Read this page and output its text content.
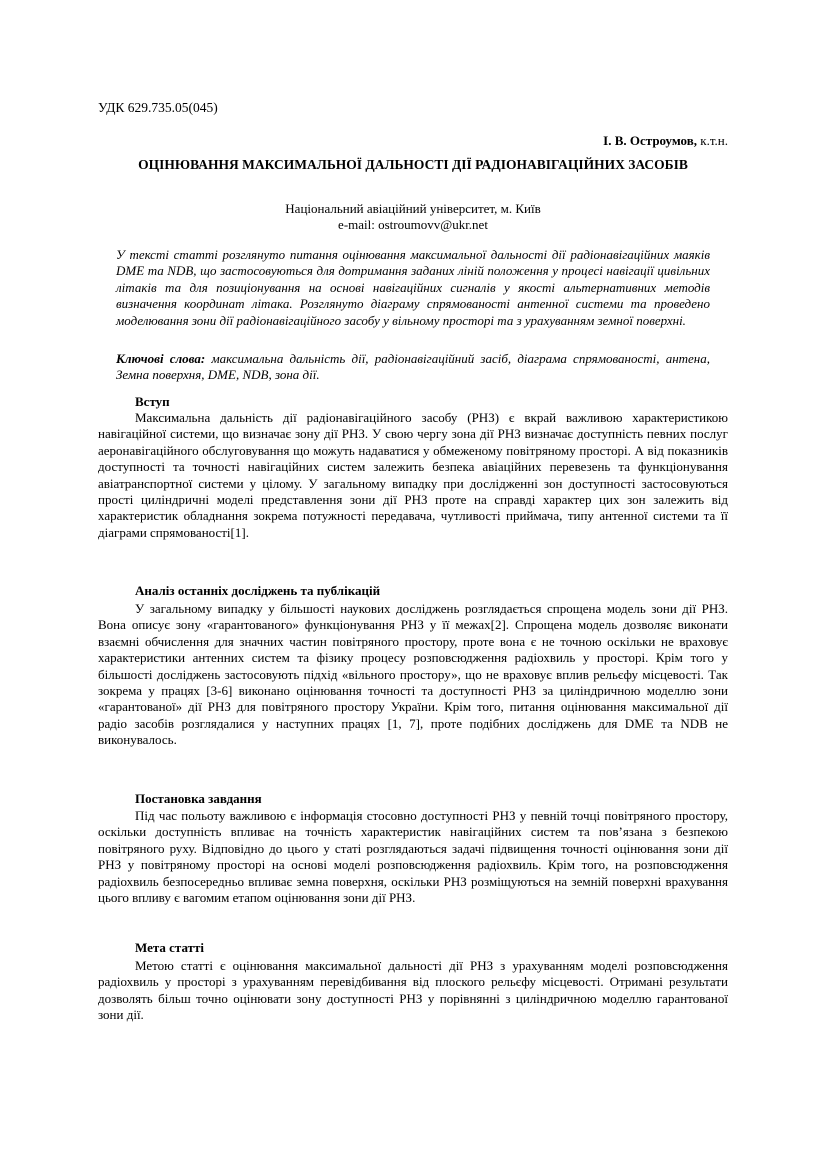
УДК 629.735.05(045)
І. В. Остроумов, к.т.н.
ОЦІНЮВАННЯ МАКСИМАЛЬНОЇ ДАЛЬНОСТІ ДІЇ РАДІОНАВІГАЦІЙНИХ ЗАСОБІВ
Національний авіаційний університет, м. Київ
e-mail: ostroumovv@ukr.net
У тексті статті розглянуто питання оцінювання максимальної дальності дії радіонавігаційних маяків DME та NDB, що застосовуються для дотримання заданих ліній положення у процесі навігації цивільних літаків та для позиціонування на основі навігаційних сигналів у якості альтернативних методів визначення координат літака. Розглянуто діаграму спрямованості антенної системи та проведено моделювання зони дії радіонавігаційного засобу у вільному просторі та з урахуванням земної поверхні.
Ключові слова: максимальна дальність дії, радіонавігаційний засіб, діаграма спрямованості, антена, Земна поверхня, DME, NDB, зона дії.
Вступ
Максимальна дальність дії радіонавігаційного засобу (РНЗ) є вкрай важливою характеристикою навігаційної системи, що визначає зону дії РНЗ. У свою чергу зона дії РНЗ визначає доступність певних послуг аеронавігаційного обслуговування що можуть надаватися у обмеженому повітряному просторі. А від показників доступності та точності навігаційних систем залежить безпека авіаційних перевезень та функціонування авіатранспортної системи у цілому. У загальному випадку при дослідженні зон доступності застосовуються прості циліндричні моделі представлення зони дії РНЗ проте на справді характер цих зон залежить від характеристик обладнання зокрема потужності передавача, чутливості приймача, типу антенної системи та її діаграми спрямованості[1].
Аналіз останніх досліджень та публікацій
У загальному випадку у більшості наукових досліджень розглядається спрощена модель зони дії РНЗ. Вона описує зону «гарантованого» функціонування РНЗ у її межах[2]. Спрощена модель дозволяє виконати взаємні обчислення для значних частин повітряного простору, проте вона є не точною оскільки не враховує характеристики антенних систем та фізику процесу розповсюдження радіохвиль у просторі. Крім того у більшості досліджень застосовують підхід «вільного простору», що не враховує вплив рельєфу місцевості. Так зокрема у працях [3-6] виконано оцінювання точності та доступності РНЗ за циліндричною моделлю зони «гарантованої» дії РНЗ для повітряного простору України. Крім того, питання оцінювання максимальної дії радіо засобів розглядалися у наступних працях [1, 7], проте подібних досліджень для DME та NDB не виконувалось.
Постановка завдання
Під час польоту важливою є інформація стосовно доступності РНЗ у певній точці повітряного простору, оскільки доступність впливає на точність характеристик навігаційних систем та пов’язана з безпекою повітряного руху. Відповідно до цього у статі розглядаються задачі підвищення точності оцінювання зони дії РНЗ у повітряному просторі на основі моделі розповсюдження радіохвиль. Крім того, на розповсюдження радіохвиль безпосередньо впливає земна поверхня, оскільки РНЗ розміщуються на земній поверхні врахування цього впливу є вагомим етапом оцінювання зони дії РНЗ.
Мета статті
Метою статті є оцінювання максимальної дальності дії РНЗ з урахуванням моделі розповсюдження радіохвиль у просторі з урахуванням перевідбивання від плоского рельєфу місцевості. Отримані результати дозволять більш точно оцінювати зону доступності РНЗ у порівнянні з циліндричною моделлю гарантованої зони дії.
